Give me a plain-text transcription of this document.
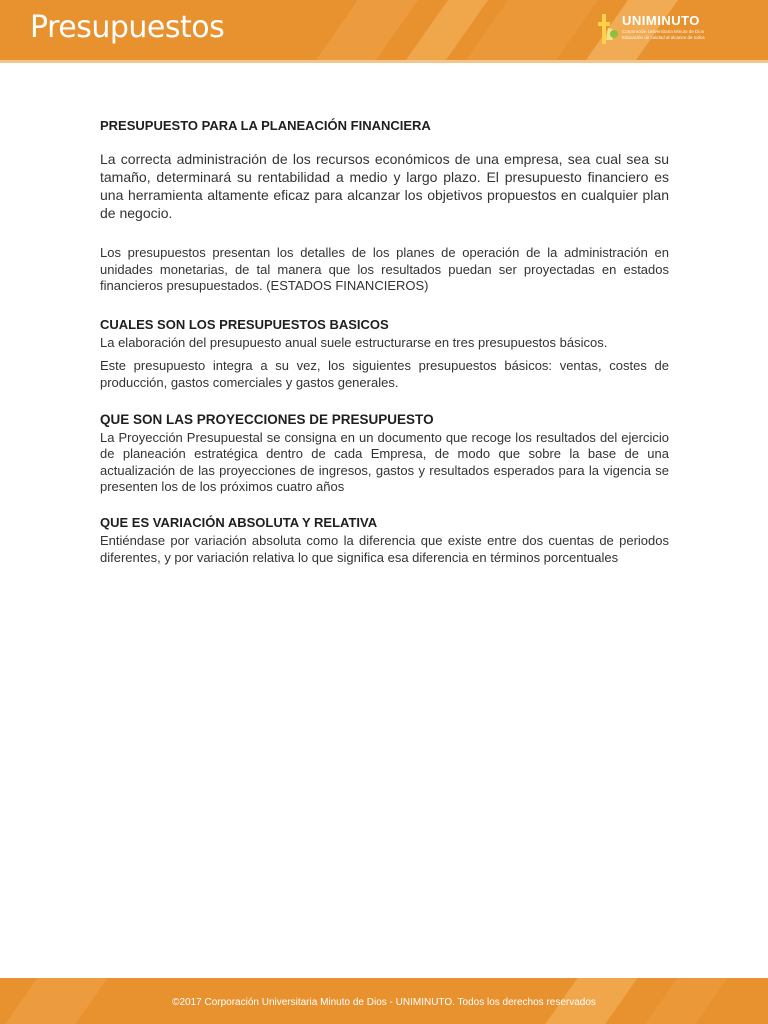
Presupuestos	UNIMINUTO
Corporación Universitaria Minuto de Dios
Educación de calidad al alcance de todos
PRESUPUESTO PARA LA PLANEACIÓN FINANCIERA

La correcta administración de los recursos económicos de una empresa, sea cual sea su tamaño, determinará su rentabilidad a medio y largo plazo. El presupuesto financiero es una herramienta altamente eficaz para alcanzar los objetivos propuestos en cualquier plan de negocio.

Los presupuestos presentan los detalles de los planes de operación de la administración en unidades monetarias, de tal manera que los resultados puedan ser proyectadas en estados financieros presupuestados. (ESTADOS FINANCIEROS)

CUALES SON LOS PRESUPUESTOS BASICOS

La elaboración del presupuesto anual suele estructurarse en tres presupuestos básicos.

Este presupuesto integra a su vez, los siguientes presupuestos básicos: ventas, costes de producción, gastos comerciales y gastos generales.

QUE SON LAS PROYECCIONES DE PRESUPUESTO

La Proyección Presupuestal se consigna en un documento que recoge los resultados del ejercicio de planeación estratégica dentro de cada Empresa, de modo que sobre la base de una actualización de las proyecciones de ingresos, gastos y resultados esperados para la vigencia se presenten los de los próximos cuatro años

QUE ES VARIACIÓN ABSOLUTA Y RELATIVA

Entiéndase por variación absoluta como la diferencia que existe entre dos cuentas de periodos diferentes, y por variación relativa lo que significa esa diferencia en términos porcentuales

©2017 Corporación Universitaria Minuto de Dios - UNIMINUTO. Todos los derechos reservados
